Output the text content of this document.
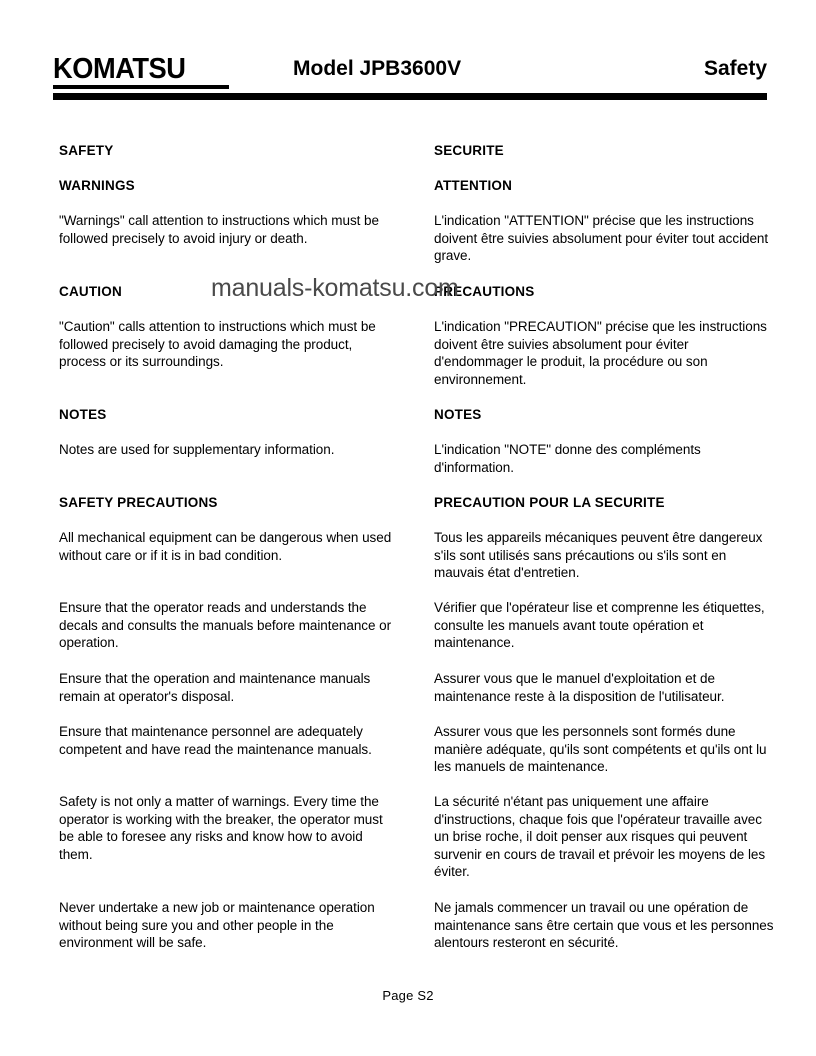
KOMATSU	Model JPB3600V	Safety
SAFETY
WARNINGS

"Warnings" call attention to instructions which must be followed precisely to avoid injury or death.

CAUTION

"Caution" calls attention to instructions which must be followed precisely to avoid damaging the product, process or its surroundings.

NOTES

Notes are used for supplementary information.

SAFETY PRECAUTIONS

All mechanical equipment can be dangerous when used without care or if it is in bad condition.

Ensure that the operator reads and understands the decals and consults the manuals before maintenance or operation.

Ensure that the operation and maintenance manuals remain at operator's disposal.

Ensure that maintenance personnel are adequately competent and have read the maintenance manuals.

Safety is not only a matter of warnings. Every time the operator is working with the breaker, the operator must be able to foresee any risks and know how to avoid them.

Never undertake a new job or maintenance operation without being sure you and other people in the environment will be safe.

SECURITE
ATTENTION

L'indication "ATTENTION" précise que les instructions doivent être suivies absolument pour éviter tout accident grave.

PRECAUTIONS

L'indication "PRECAUTION" précise que les instructions doivent être suivies absolument pour éviter d'endommager le produit, la procédure ou son environnement.

NOTES

L'indication "NOTE" donne des compléments d'information.

PRECAUTION POUR LA SECURITE

Tous les appareils mécaniques peuvent être dangereux s'ils sont utilisés sans précautions ou s'ils sont en mauvais état d'entretien.

Vérifier que l'opérateur lise et comprenne les étiquettes, consulte les manuels avant toute opération et maintenance.

Assurer vous que le manuel d'exploitation et de maintenance reste à la disposition de l'utilisateur.

Assurer vous que les personnels sont formés dune manière adéquate, qu'ils sont compétents et qu'ils ont lu les manuels de maintenance.

La sécurité n'étant pas uniquement une affaire d'instructions, chaque fois que l'opérateur travaille avec un brise roche, il doit penser aux risques qui peuvent survenir en cours de travail et prévoir les moyens de les éviter.

Ne jamals commencer un travail ou une opération de maintenance sans être certain que vous et les personnes alentours resteront en sécurité.

manuals-komatsu.com
Page S2
